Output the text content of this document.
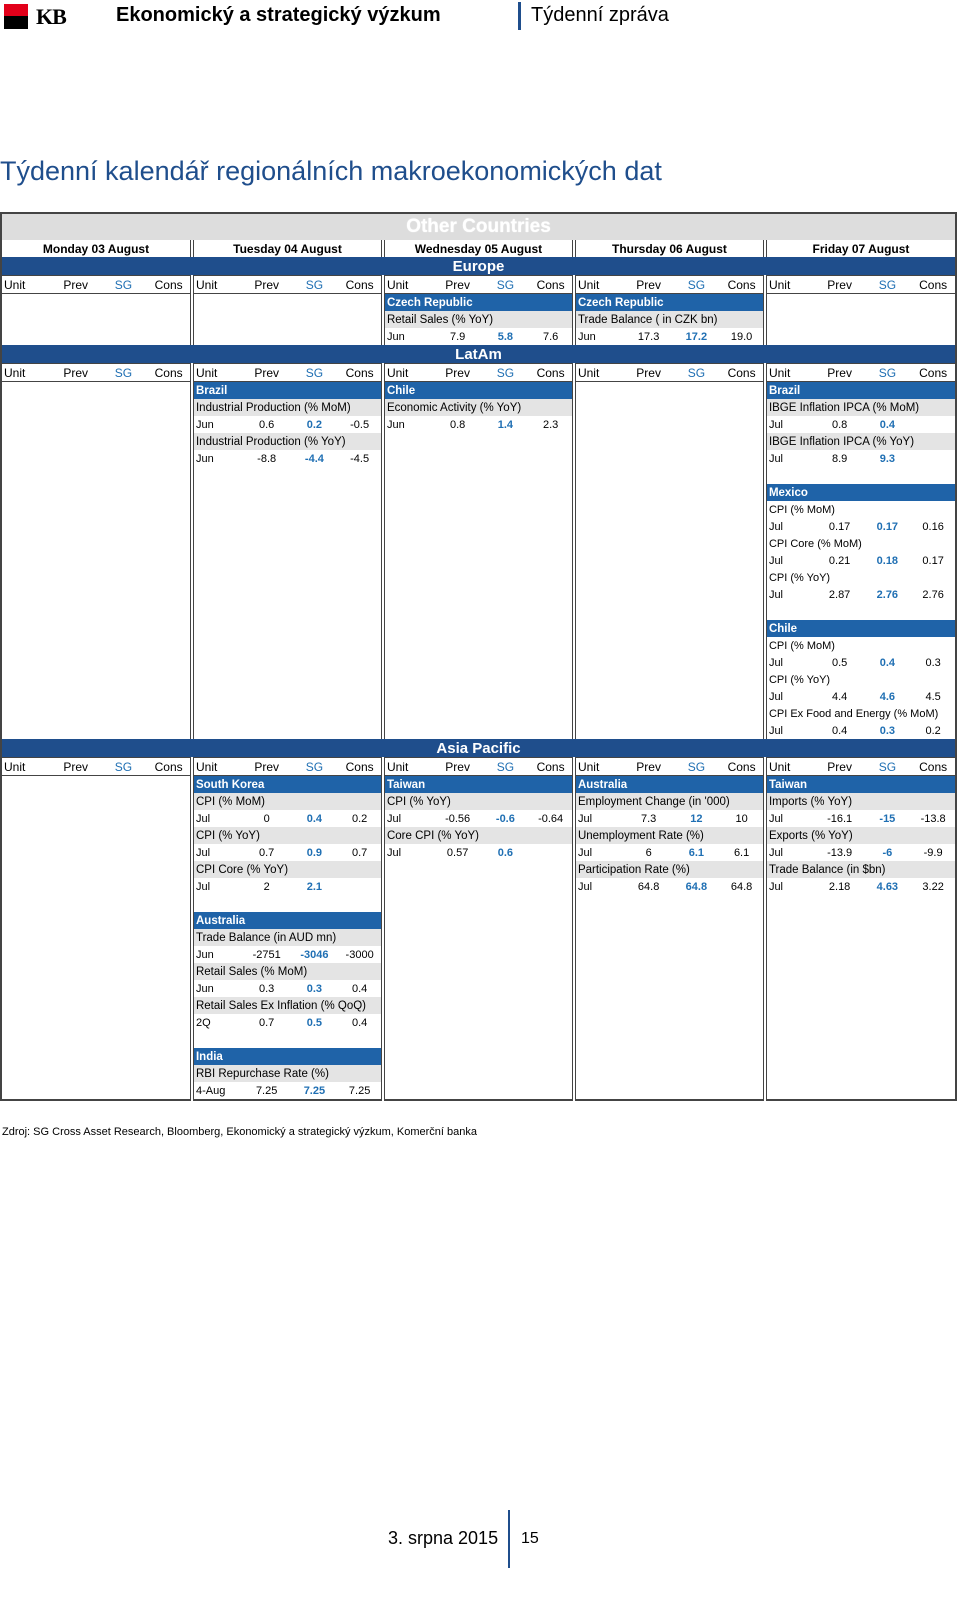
KB	Ekonomický a strategický výzkum	Týdenní zpráva
Týdenní kalendář regionálních makroekonomických dat
Other Countries																			
Monday 03 August				Tuesday 04 August				Wednesday 05 August				Thursday 06 August				Friday 07 August			
Europe																			
Unit	Prev	SG	Cons	Unit	Prev	SG	Cons	Unit	Prev	SG	Cons	Unit	Prev	SG	Cons	Unit	Prev	SG	Cons
								Czech Republic				Czech Republic							
								Retail Sales (% YoY)				Trade Balance ( in CZK bn)							
								Jun	7.9	5.8	7.6	Jun	17.3	17.2	19.0				
LatAm																			
Unit	Prev	SG	Cons	Unit	Prev	SG	Cons	Unit	Prev	SG	Cons	Unit	Prev	SG	Cons	Unit	Prev	SG	Cons
				Brazil				Chile								Brazil			
				Industrial Production (% MoM)				Economic Activity (% YoY)								IBGE Inflation IPCA (% MoM)			
				Jun	0.6	0.2	-0.5	Jun	0.8	1.4	2.3					Jul	0.8	0.4	
				Industrial Production (% YoY)												IBGE Inflation IPCA (% YoY)			
				Jun	-8.8	-4.4	-4.5									Jul	8.9	9.3	

																Mexico			
																CPI (% MoM)			
																Jul	0.17	0.17	0.16
																CPI Core (% MoM)			
																Jul	0.21	0.18	0.17
																CPI (% YoY)			
																Jul	2.87	2.76	2.76

																Chile			
																CPI (% MoM)			
																Jul	0.5	0.4	0.3
																CPI (% YoY)			
																Jul	4.4	4.6	4.5
																CPI Ex Food and Energy (% MoM)			
																Jul	0.4	0.3	0.2
Asia Pacific																			
Unit	Prev	SG	Cons	Unit	Prev	SG	Cons	Unit	Prev	SG	Cons	Unit	Prev	SG	Cons	Unit	Prev	SG	Cons
				South Korea				Taiwan				Australia				Taiwan			
				CPI (% MoM)				CPI (% YoY)				Employment Change (in '000)				Imports (% YoY)			
				Jul	0	0.4	0.2	Jul	-0.56	-0.6	-0.64	Jul	7.3	12	10	Jul	-16.1	-15	-13.8
				CPI (% YoY)				Core CPI (% YoY)				Unemployment Rate (%)				Exports (% YoY)			
				Jul	0.7	0.9	0.7	Jul	0.57	0.6		Jul	6	6.1	6.1	Jul	-13.9	-6	-9.9
				CPI Core (% YoY)								Participation Rate (%)				Trade Balance (in $bn)			
				Jul	2	2.1						Jul	64.8	64.8	64.8	Jul	2.18	4.63	3.22

				Australia															
				Trade Balance (in AUD mn)															
				Jun	-2751	-3046	-3000												
				Retail Sales (% MoM)															
				Jun	0.3	0.3	0.4												
				Retail Sales Ex Inflation (% QoQ)															
				2Q	0.7	0.5	0.4												

				India															
				RBI Repurchase Rate (%)															
				4-Aug	7.25	7.25	7.25												
Zdroj: SG Cross Asset Research, Bloomberg, Ekonomický a strategický výzkum, Komerční banka
3. srpna 2015 15
